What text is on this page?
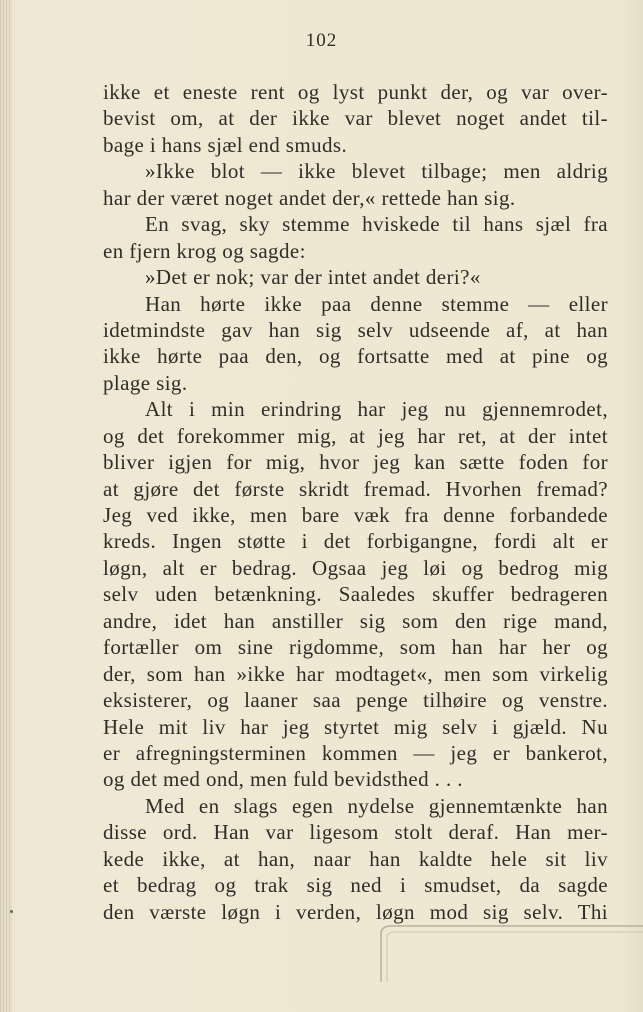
102
ikke et eneste rent og lyst punkt der, og var over-
bevist om, at der ikke var blevet noget andet til-
bage i hans sjæl end smuds.
»Ikke blot — ikke blevet tilbage; men aldrig
har der været noget andet der,« rettede han sig.
En svag, sky stemme hviskede til hans sjæl fra
en fjern krog og sagde:
»Det er nok; var der intet andet deri?«
Han hørte ikke paa denne stemme — eller
idetmindste gav han sig selv udseende af, at han
ikke hørte paa den, og fortsatte med at pine og
plage sig.
Alt i min erindring har jeg nu gjennemrodet,
og det forekommer mig, at jeg har ret, at der intet
bliver igjen for mig, hvor jeg kan sætte foden for
at gjøre det første skridt fremad. Hvorhen fremad?
Jeg ved ikke, men bare væk fra denne forbandede
kreds. Ingen støtte i det forbigangne, fordi alt er
løgn, alt er bedrag. Ogsaa jeg løi og bedrog mig
selv uden betænkning. Saaledes skuffer bedrageren
andre, idet han anstiller sig som den rige mand,
fortæller om sine rigdomme, som han har her og
der, som han »ikke har modtaget«, men som virkelig
eksisterer, og laaner saa penge tilhøire og venstre.
Hele mit liv har jeg styrtet mig selv i gjæld. Nu
er afregningsterminen kommen — jeg er bankerot,
og det med ond, men fuld bevidsthed . . .
Med en slags egen nydelse gjennemtænkte han
disse ord. Han var ligesom stolt deraf. Han mer-
kede ikke, at han, naar han kaldte hele sit liv
et bedrag og trak sig ned i smudset, da sagde
den værste løgn i verden, løgn mod sig selv. Thi
